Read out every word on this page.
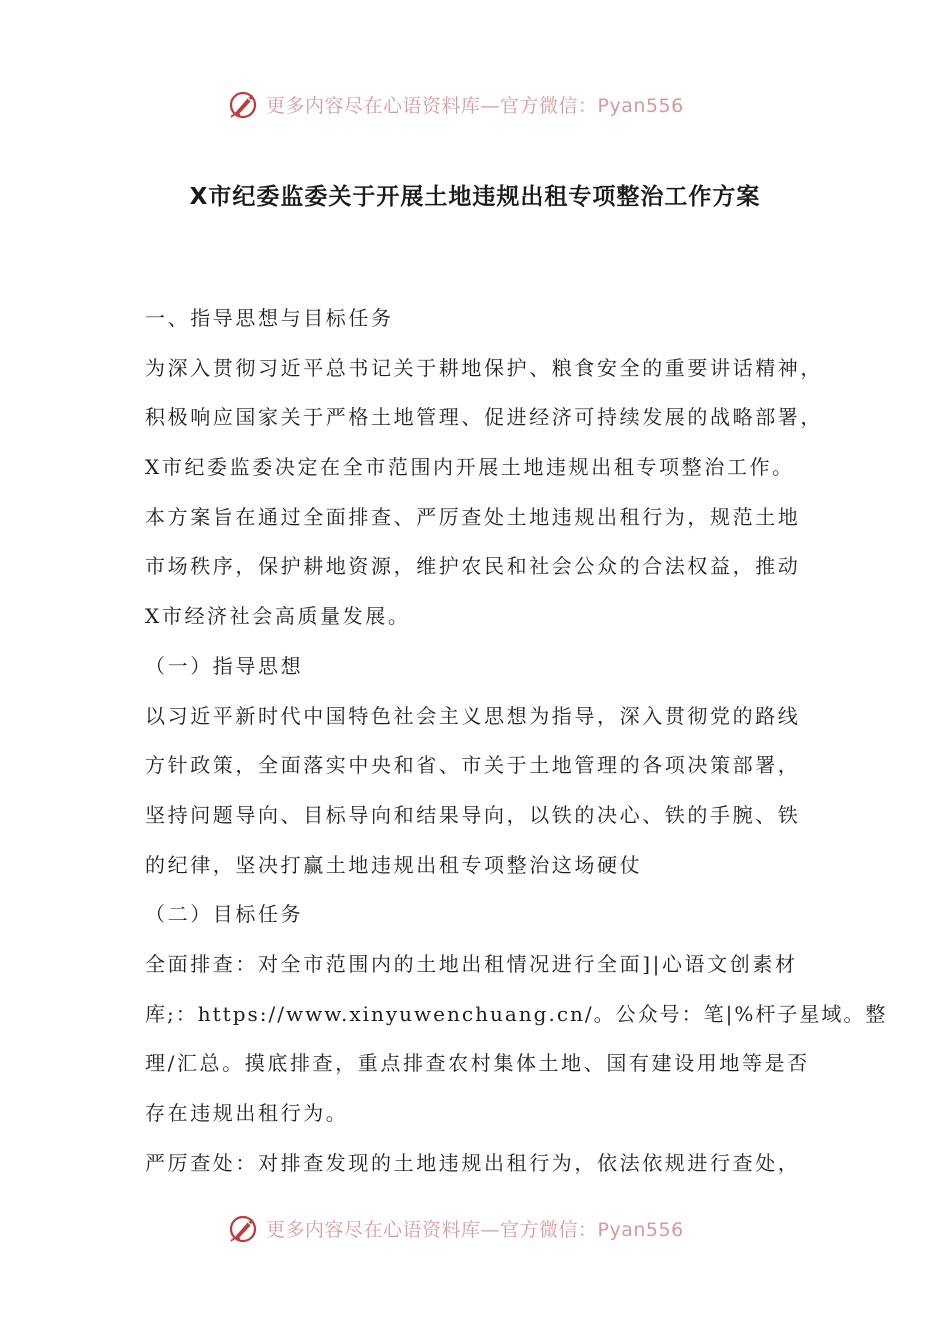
更多内容尽在心语资料库—官方微信：Pyan556
X市纪委监委关于开展土地违规出租专项整治工作方案
一、指导思想与目标任务
为深入贯彻习近平总书记关于耕地保护、粮食安全的重要讲话精神，
积极响应国家关于严格土地管理、促进经济可持续发展的战略部署，
X市纪委监委决定在全市范围内开展土地违规出租专项整治工作。
本方案旨在通过全面排查、严厉查处土地违规出租行为，规范土地
市场秩序，保护耕地资源，维护农民和社会公众的合法权益，推动
X市经济社会高质量发展。
（一）指导思想
以习近平新时代中国特色社会主义思想为指导，深入贯彻党的路线
方针政策，全面落实中央和省、市关于土地管理的各项决策部署，
坚持问题导向、目标导向和结果导向，以铁的决心、铁的手腕、铁
的纪律，坚决打赢土地违规出租专项整治这场硬仗
（二）目标任务
全面排查：对全市范围内的土地出租情况进行全面]|心语文创素材
库;：https://www.xinyuwenchuang.cn/。公众号：笔|%杆子星域。整
理/汇总。摸底排查，重点排查农村集体土地、国有建设用地等是否
存在违规出租行为。
严厉查处：对排查发现的土地违规出租行为，依法依规进行查处，
更多内容尽在心语资料库—官方微信：Pyan556
